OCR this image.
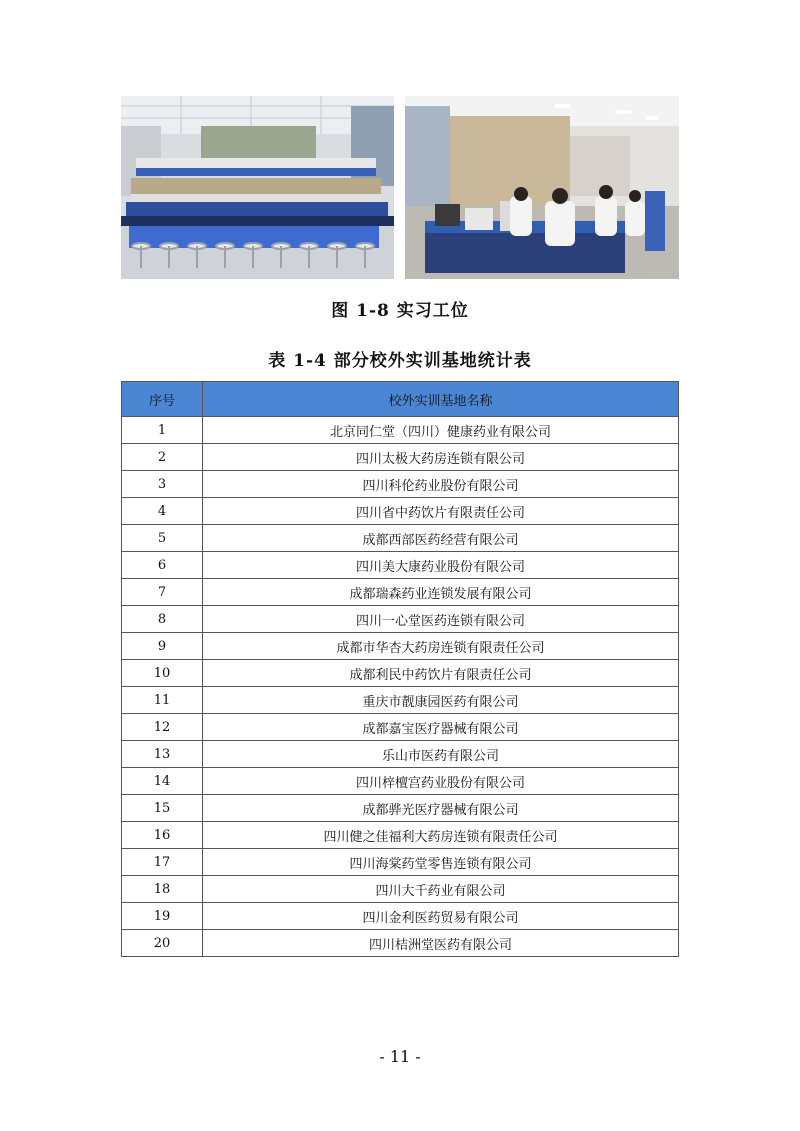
图 1-8 实习工位
表 1-4 部分校外实训基地统计表
序号	校外实训基地名称
1	北京同仁堂（四川）健康药业有限公司
2	四川太极大药房连锁有限公司
3	四川科伦药业股份有限公司
4	四川省中药饮片有限责任公司
5	成都西部医药经营有限公司
6	四川美大康药业股份有限公司
7	成都瑞森药业连锁发展有限公司
8	四川一心堂医药连锁有限公司
9	成都市华杏大药房连锁有限责任公司
10	成都利民中药饮片有限责任公司
11	重庆市靓康园医药有限公司
12	成都嘉宝医疗器械有限公司
13	乐山市医药有限公司
14	四川梓檀宫药业股份有限公司
15	成都骅光医疗器械有限公司
16	四川健之佳福利大药房连锁有限责任公司
17	四川海棠药堂零售连锁有限公司
18	四川大千药业有限公司
19	四川金利医药贸易有限公司
20	四川桔洲堂医药有限公司
- 11 -
